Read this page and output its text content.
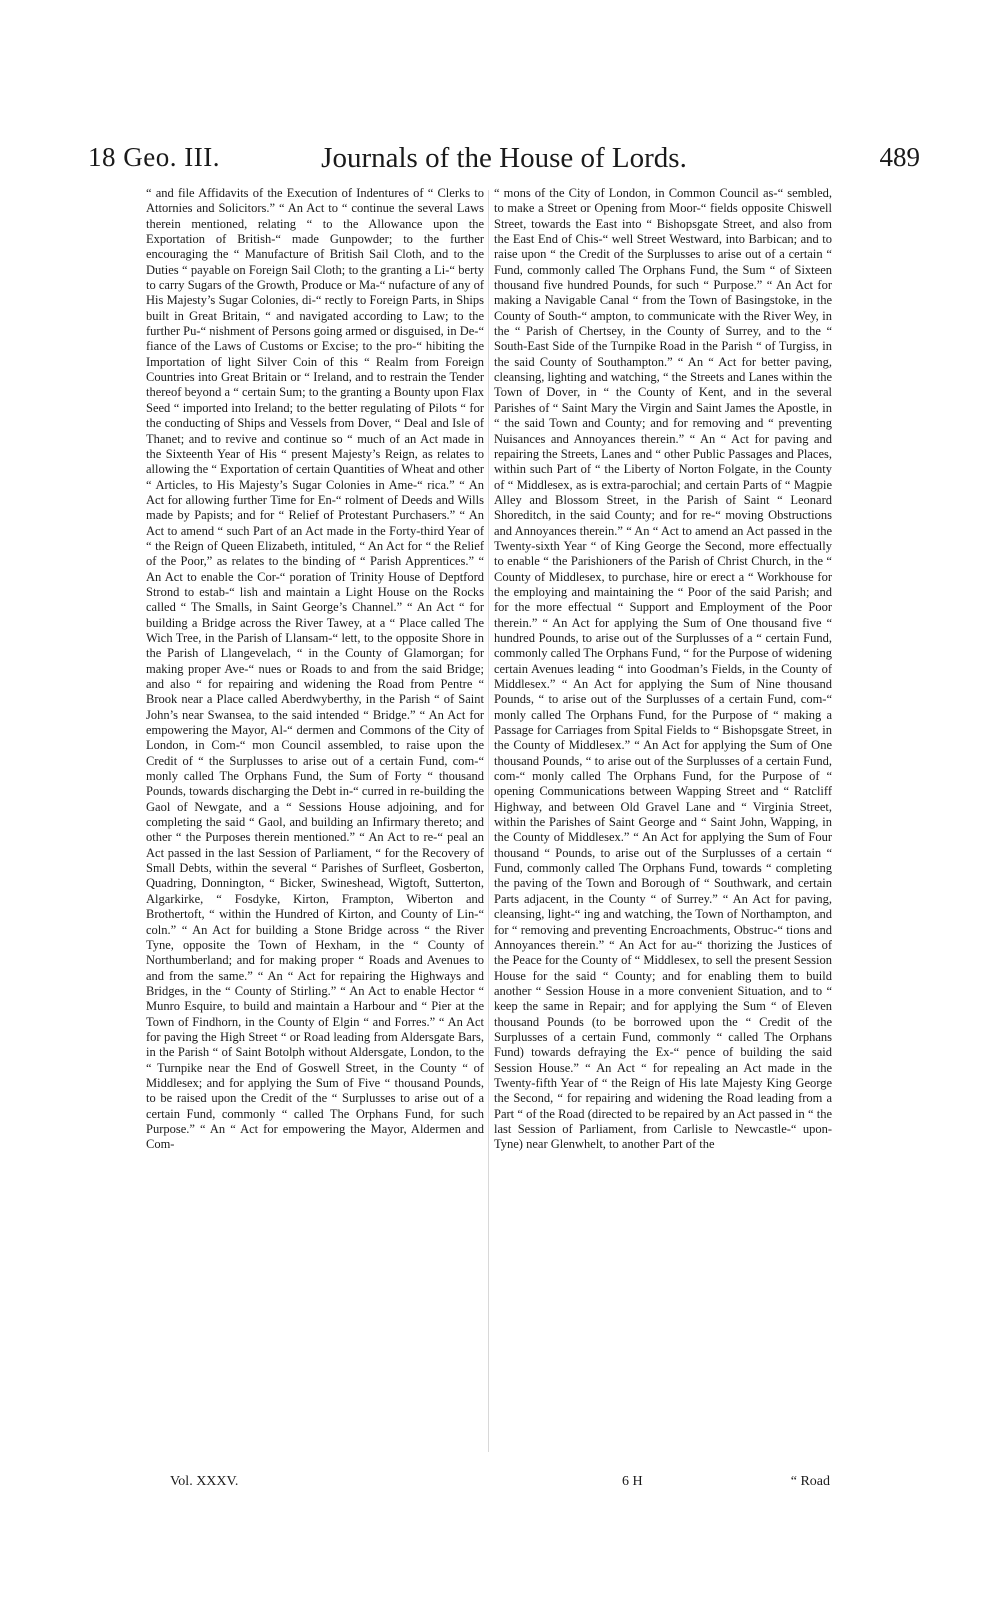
18 Geo. III.	Journals of the House of Lords.	489

“ and file Affidavits of the Execution of Indentures of “ Clerks to Attornies and Solicitors.” “ An Act to “ continue the several Laws therein mentioned, relating “ to the Allowance upon the Exportation of British-“ made Gunpowder; to the further encouraging the “ Manufacture of British Sail Cloth, and to the Duties “ payable on Foreign Sail Cloth; to the granting a Li-“ berty to carry Sugars of the Growth, Produce or Ma-“ nufacture of any of His Majesty’s Sugar Colonies, di-“ rectly to Foreign Parts, in Ships built in Great Britain, “ and navigated according to Law; to the further Pu-“ nishment of Persons going armed or disguised, in De-“ fiance of the Laws of Customs or Excise; to the pro-“ hibiting the Importation of light Silver Coin of this “ Realm from Foreign Countries into Great Britain or “ Ireland, and to restrain the Tender thereof beyond a “ certain Sum; to the granting a Bounty upon Flax Seed “ imported into Ireland; to the better regulating of Pilots “ for the conducting of Ships and Vessels from Dover, “ Deal and Isle of Thanet; and to revive and continue so “ much of an Act made in the Sixteenth Year of His “ present Majesty’s Reign, as relates to allowing the “ Exportation of certain Quantities of Wheat and other “ Articles, to His Majesty’s Sugar Colonies in Ame-“ rica.” “ An Act for allowing further Time for En-“ rolment of Deeds and Wills made by Papists; and for “ Relief of Protestant Purchasers.” “ An Act to amend “ such Part of an Act made in the Forty-third Year of “ the Reign of Queen Elizabeth, intituled, “ An Act for “ the Relief of the Poor,” as relates to the binding of “ Parish Apprentices.” “ An Act to enable the Cor-“ poration of Trinity House of Deptford Strond to estab-“ lish and maintain a Light House on the Rocks called “ The Smalls, in Saint George’s Channel.” “ An Act “ for building a Bridge across the River Tawey, at a “ Place called The Wich Tree, in the Parish of Llansam-“ lett, to the opposite Shore in the Parish of Llangevelach, “ in the County of Glamorgan; for making proper Ave-“ nues or Roads to and from the said Bridge; and also “ for repairing and widening the Road from Pentre “ Brook near a Place called Aberdwyberthy, in the Parish “ of Saint John’s near Swansea, to the said intended “ Bridge.” “ An Act for empowering the Mayor, Al-“ dermen and Commons of the City of London, in Com-“ mon Council assembled, to raise upon the Credit of “ the Surplusses to arise out of a certain Fund, com-“ monly called The Orphans Fund, the Sum of Forty “ thousand Pounds, towards discharging the Debt in-“ curred in re-building the Gaol of Newgate, and a “ Sessions House adjoining, and for completing the said “ Gaol, and building an Infirmary thereto; and other “ the Purposes therein mentioned.” “ An Act to re-“ peal an Act passed in the last Session of Parliament, “ for the Recovery of Small Debts, within the several “ Parishes of Surfleet, Gosberton, Quadring, Donnington, “ Bicker, Swineshead, Wigtoft, Sutterton, Algarkirke, “ Fosdyke, Kirton, Frampton, Wiberton and Brothertoft, “ within the Hundred of Kirton, and County of Lin-“ coln.” “ An Act for building a Stone Bridge across “ the River Tyne, opposite the Town of Hexham, in the “ County of Northumberland; and for making proper “ Roads and Avenues to and from the same.” “ An “ Act for repairing the Highways and Bridges, in the “ County of Stirling.” “ An Act to enable Hector “ Munro Esquire, to build and maintain a Harbour and “ Pier at the Town of Findhorn, in the County of Elgin “ and Forres.” “ An Act for paving the High Street “ or Road leading from Aldersgate Bars, in the Parish “ of Saint Botolph without Aldersgate, London, to the “ Turnpike near the End of Goswell Street, in the County “ of Middlesex; and for applying the Sum of Five “ thousand Pounds, to be raised upon the Credit of the “ Surplusses to arise out of a certain Fund, commonly “ called The Orphans Fund, for such Purpose.” “ An “ Act for empowering the Mayor, Aldermen and Com-

“ mons of the City of London, in Common Council as-“ sembled, to make a Street or Opening from Moor-“ fields opposite Chiswell Street, towards the East into “ Bishopsgate Street, and also from the East End of Chis-“ well Street Westward, into Barbican; and to raise upon “ the Credit of the Surplusses to arise out of a certain “ Fund, commonly called The Orphans Fund, the Sum “ of Sixteen thousand five hundred Pounds, for such “ Purpose.” “ An Act for making a Navigable Canal “ from the Town of Basingstoke, in the County of South-“ ampton, to communicate with the River Wey, in the “ Parish of Chertsey, in the County of Surrey, and to the “ South-East Side of the Turnpike Road in the Parish “ of Turgiss, in the said County of Southampton.” “ An “ Act for better paving, cleansing, lighting and watching, “ the Streets and Lanes within the Town of Dover, in “ the County of Kent, and in the several Parishes of “ Saint Mary the Virgin and Saint James the Apostle, in “ the said Town and County; and for removing and “ preventing Nuisances and Annoyances therein.” “ An “ Act for paving and repairing the Streets, Lanes and “ other Public Passages and Places, within such Part of “ the Liberty of Norton Folgate, in the County of “ Middlesex, as is extra-parochial; and certain Parts of “ Magpie Alley and Blossom Street, in the Parish of Saint “ Leonard Shoreditch, in the said County; and for re-“ moving Obstructions and Annoyances therein.” “ An “ Act to amend an Act passed in the Twenty-sixth Year “ of King George the Second, more effectually to enable “ the Parishioners of the Parish of Christ Church, in the “ County of Middlesex, to purchase, hire or erect a “ Workhouse for the employing and maintaining the “ Poor of the said Parish; and for the more effectual “ Support and Employment of the Poor therein.” “ An Act for applying the Sum of One thousand five “ hundred Pounds, to arise out of the Surplusses of a “ certain Fund, commonly called The Orphans Fund, “ for the Purpose of widening certain Avenues leading “ into Goodman’s Fields, in the County of Middlesex.” “ An Act for applying the Sum of Nine thousand Pounds, “ to arise out of the Surplusses of a certain Fund, com-“ monly called The Orphans Fund, for the Purpose of “ making a Passage for Carriages from Spital Fields to “ Bishopsgate Street, in the County of Middlesex.” “ An Act for applying the Sum of One thousand Pounds, “ to arise out of the Surplusses of a certain Fund, com-“ monly called The Orphans Fund, for the Purpose of “ opening Communications between Wapping Street and “ Ratcliff Highway, and between Old Gravel Lane and “ Virginia Street, within the Parishes of Saint George and “ Saint John, Wapping, in the County of Middlesex.” “ An Act for applying the Sum of Four thousand “ Pounds, to arise out of the Surplusses of a certain “ Fund, commonly called The Orphans Fund, towards “ completing the paving of the Town and Borough of “ Southwark, and certain Parts adjacent, in the County “ of Surrey.” “ An Act for paving, cleansing, light-“ ing and watching, the Town of Northampton, and for “ removing and preventing Encroachments, Obstruc-“ tions and Annoyances therein.” “ An Act for au-“ thorizing the Justices of the Peace for the County of “ Middlesex, to sell the present Session House for the said “ County; and for enabling them to build another “ Session House in a more convenient Situation, and to “ keep the same in Repair; and for applying the Sum “ of Eleven thousand Pounds (to be borrowed upon the “ Credit of the Surplusses of a certain Fund, commonly “ called The Orphans Fund) towards defraying the Ex-“ pence of building the said Session House.” “ An Act “ for repealing an Act made in the Twenty-fifth Year of “ the Reign of His late Majesty King George the Second, “ for repairing and widening the Road leading from a Part “ of the Road (directed to be repaired by an Act passed in “ the last Session of Parliament, from Carlisle to Newcastle-“ upon-Tyne) near Glenwhelt, to another Part of the

Vol. XXXV.	6 H	“ Road
